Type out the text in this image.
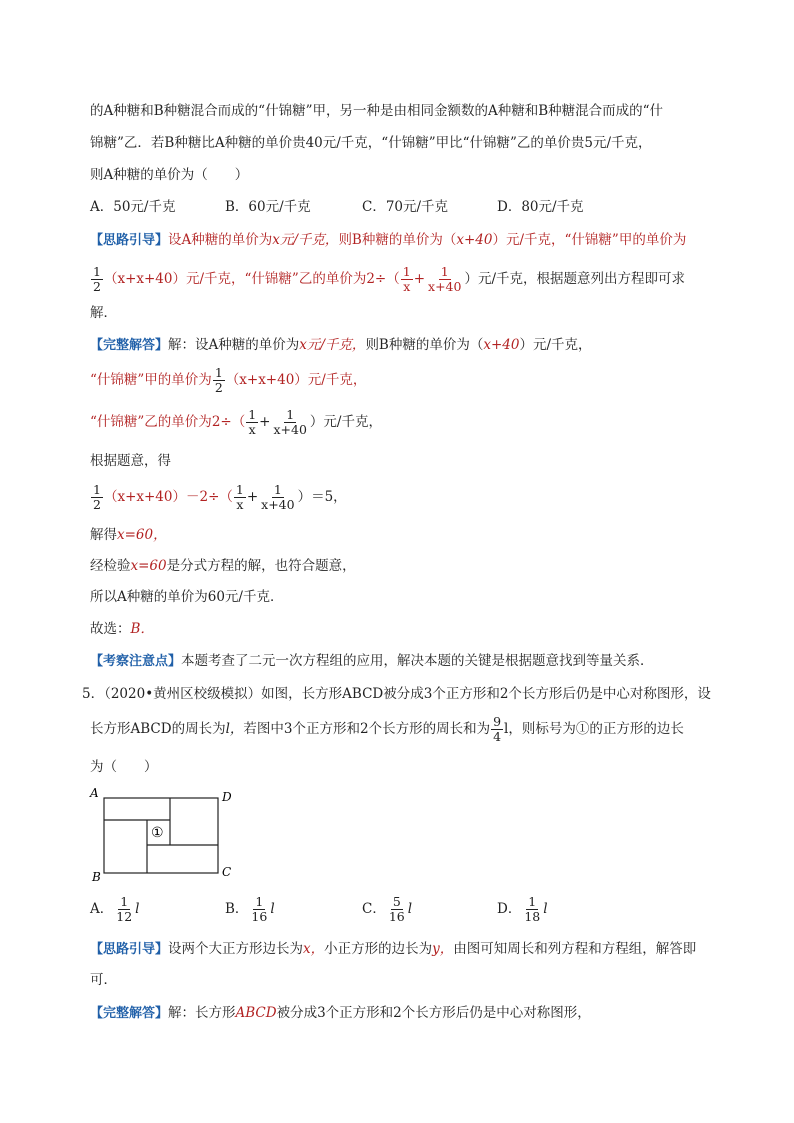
的A种糖和B种糖混合而成的“什锦糖”甲，另一种是由相同金额数的A种糖和B种糖混合而成的“什
锦糖”乙．若B种糖比A种糖的单价贵40元/千克，“什锦糖”甲比“什锦糖”乙的单价贵5元/千克，
则A种糖的单价为（　　）
A．50元/千克	B．60元/千克	C．70元/千克	D．80元/千克
【思路引导】设A种糖的单价为x元/千克，则B种糖的单价为（x+40）元/千克，“什锦糖”甲的单价为
$\frac{1}{2} (x+x+40)$元/千克，“什锦糖”乙的单价为$2\div( \frac{1}{x} + \frac{1}{x+40}$ ）元/千克，根据题意列出方程即可求
解．
【完整解答】解：设A种糖的单价为x元/千克，则B种糖的单价为（x+40）元/千克，
“什锦糖”甲的单价为 $\frac{1}{2} (x+x+40)$元/千克，
“什锦糖”乙的单价为$2\div( \frac{1}{x} + \frac{1}{x+40}$ ）元/千克，
根据题意，得
$\frac{1}{2} (x+x+40)-2\div( \frac{1}{x} + \frac{1}{x+40} )=5$，
解得x=60，
经检验x=60是分式方程的解，也符合题意，
所以A种糖的单价为60元/千克．
故选：B．
【考察注意点】本题考查了二元一次方程组的应用，解决本题的关键是根据题意找到等量关系．
5．（2020•黄州区校级模拟）如图，长方形ABCD被分成3个正方形和2个长方形后仍是中心对称图形，设
长方形ABCD的周长为l，若图中3个正方形和2个长方形的周长和为 $\frac{9}{4}$ l，则标号为①的正方形的边长
为（　　）
A	D
B	C
①
A． $\frac{1}{12}$ l	B． $\frac{1}{16}$ l	C． $\frac{5}{16}$ l	D． $\frac{1}{18}$ l
【思路引导】设两个大正方形边长为x，小正方形的边长为y，由图可知周长和列方程和方程组，解答即
可．
【完整解答】解：长方形ABCD被分成3个正方形和2个长方形后仍是中心对称图形，
